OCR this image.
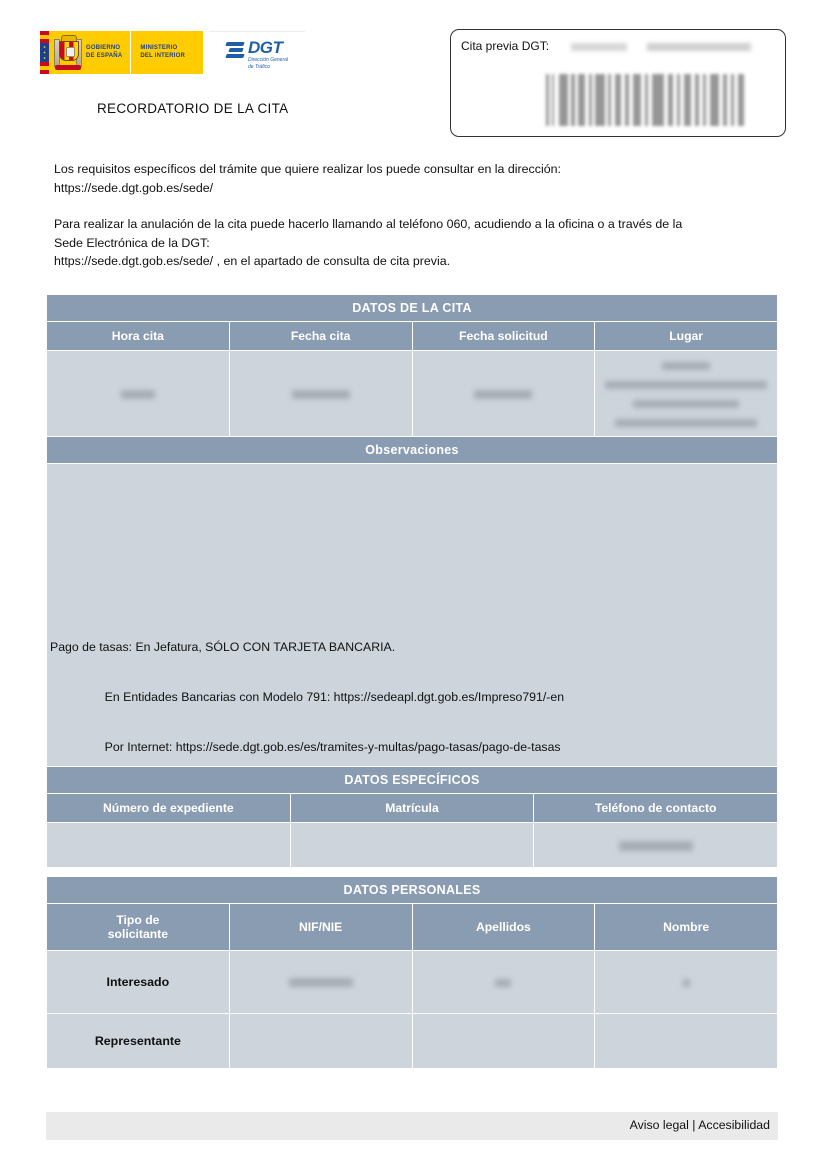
GOBIERNO
DE ESPAÑA
MINISTERIO
DEL INTERIOR	DGT
Dirección General
de Tráfico
RECORDATORIO DE LA CITA
Cita previa DGT:

Los requisitos específicos del trámite que quiere realizar los puede consultar en la dirección:

https://sede.dgt.gob.es/sede/

Para realizar la anulación de la cita puede hacerlo llamando al teléfono 060, acudiendo a la oficina o a través de la

Sede Electrónica de la DGT:

https://sede.dgt.gob.es/sede/ , en el apartado de consulta de cita previa.

DATOS DE LA CITA			
Hora cita	Fecha cita	Fecha solicitud	Lugar

Observaciones

Pago de tasas: En Jefatura, SÓLO CON TARJETA BANCARIA.

En Entidades Bancarias con Modelo 791: https://sedeapl.dgt.gob.es/Impreso791/-en

Por Internet: https://sede.dgt.gob.es/es/tramites-y-multas/pago-tasas/pago-de-tasas

DATOS ESPECÍFICOS		
Número de expediente	Matrícula	Teléfono de contacto

DATOS PERSONALES			

Tipo de
solicitante	NIF/NIE	Apellidos	Nombre
Interesado			
Representante			
Aviso legal | Accesibilidad
